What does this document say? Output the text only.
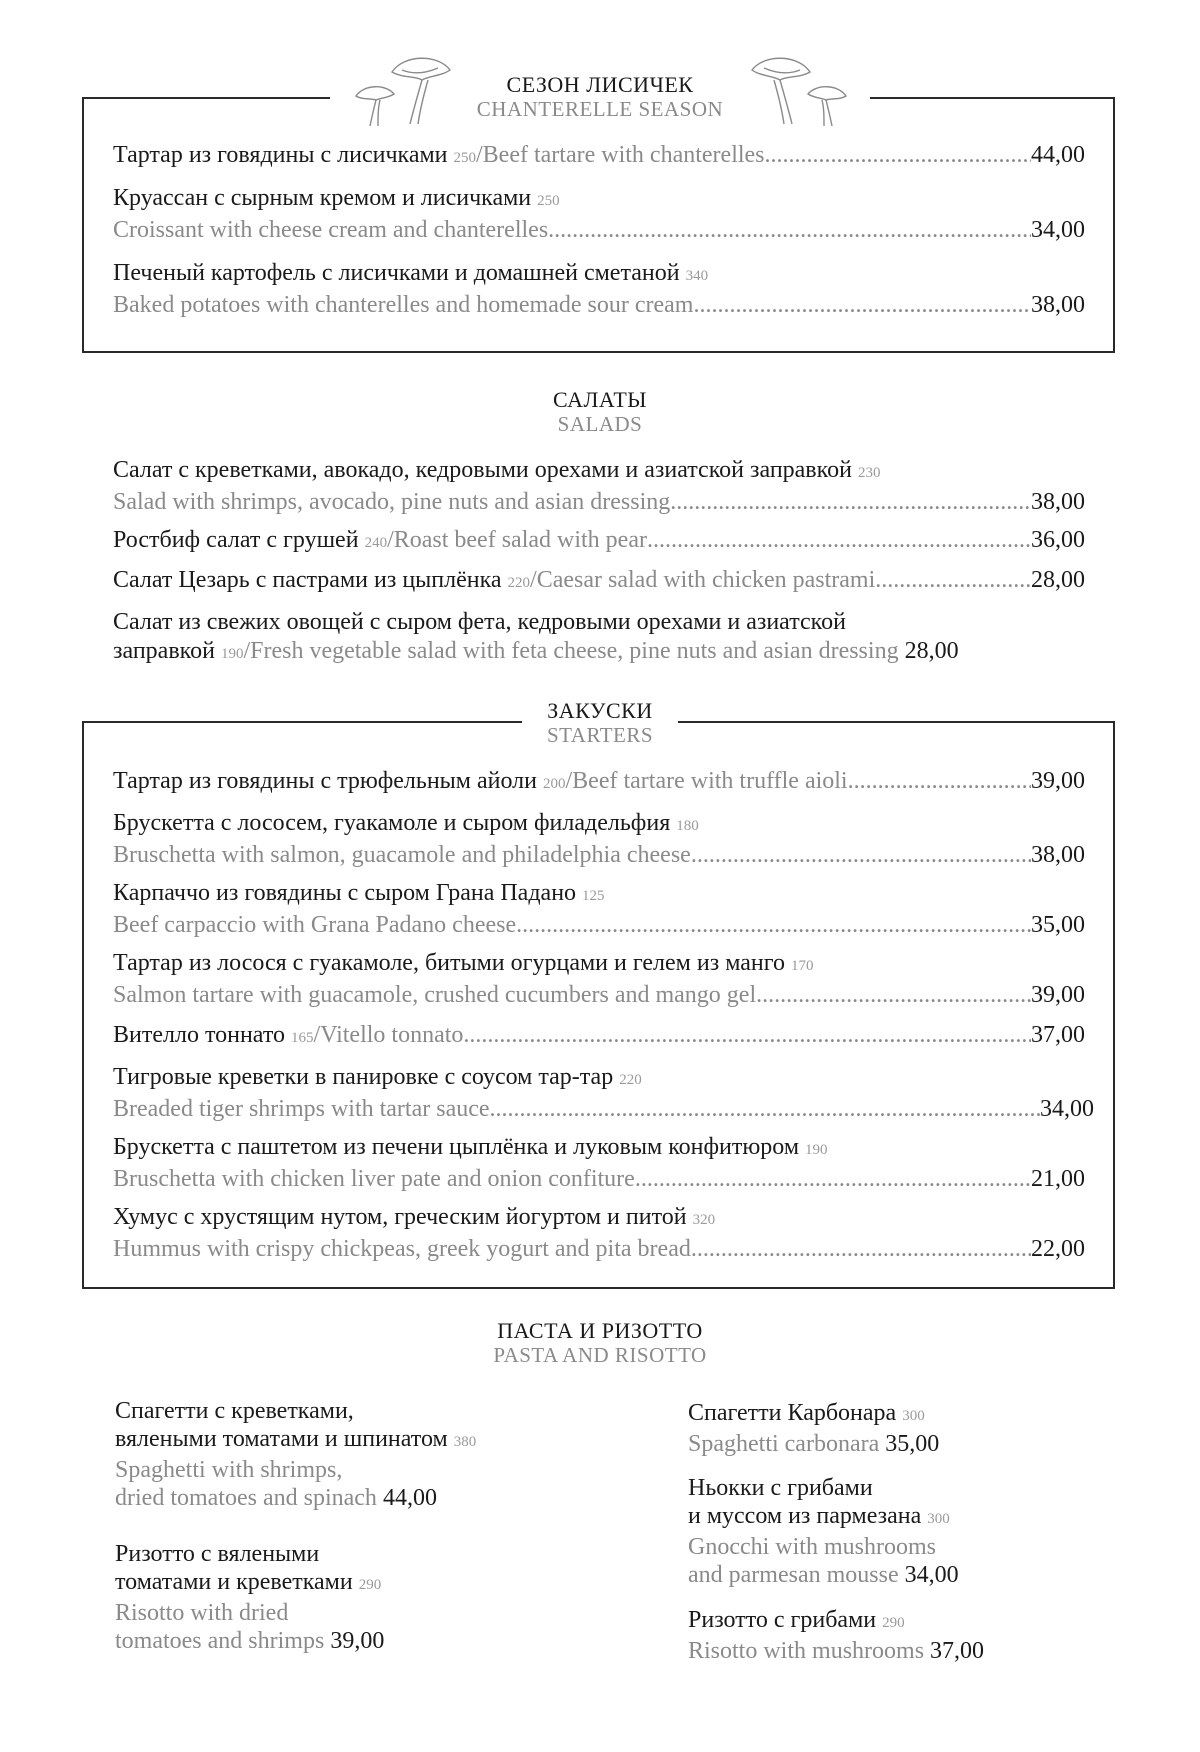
СЕЗОН ЛИСИЧЕК
CHANTERELLE SEASON
Тартар из говядины с лисичками
250 / Beef tartare with chanterelles .....	44,00
Круассан с сырным кремом и лисичками
250
Croissant with cheese cream and chanterelles .....	34,00
Печеный картофель с лисичками и домашней сметаной
340
Baked potatoes with chanterelles and homemade sour cream .....	38,00
САЛАТЫ
SALADS
Салат с креветками, авокадо, кедровыми орехами и азиатской заправкой
230
Salad with shrimps, avocado, pine nuts and asian dressing .....	38,00
Ростбиф салат с грушей
240 / Roast beef salad with pear .....	36,00
Салат Цезарь с пастрами из цыплёнка
220 / Caesar salad with chicken pastrami .....	28,00
Салат из свежих овощей с сыром фета, кедровыми орехами и азиатской
заправкой
190 / Fresh vegetable salad with feta cheese, pine nuts and asian dressing
28,00
ЗАКУСКИ
STARTERS
Тартар из говядины с трюфельным айоли
200 / Beef tartare with truffle aioli .....	39,00
Брускетта с лососем, гуакамоле и сыром филадельфия
180
Bruschetta with salmon, guacamole and philadelphia cheese .....	38,00
Карпаччо из говядины с сыром Грана Падано
125
Beef carpaccio with Grana Padano cheese .....	35,00
Тартар из лосося с гуакамоле, битыми огурцами и гелем из манго
170
Salmon tartare with guacamole, crushed cucumbers and mango gel .....	39,00
Вителло тоннато
165 / Vitello tonnato .....	37,00
Тигровые креветки в панировке с соусом тар-тар
220
Breaded tiger shrimps with tartar sauce .....	34,00
Брускетта с паштетом из печени цыплёнка и луковым конфитюром
190
Bruschetta with chicken liver pate and onion confiture .....	21,00
Хумус с хрустящим нутом, греческим йогуртом и питой
320
Hummus with crispy chickpeas, greek yogurt and pita bread .....	22,00
ПАСТА И РИЗОТТО
PASTA AND RISOTTO
Спагетти с креветками,
вялеными томатами и шпинатом 380
Spaghetti with shrimps,
dried tomatoes and spinach 44,00
Ризотто с вялеными
томатами и креветками 290
Risotto with dried
tomatoes and shrimps 39,00
Спагетти Карбонара 300
Spaghetti carbonara 35,00
Ньокки с грибами
и муссом из пармезана 300
Gnocchi with mushrooms
and parmesan mousse 34,00
Ризотто с грибами 290
Risotto with mushrooms 37,00
